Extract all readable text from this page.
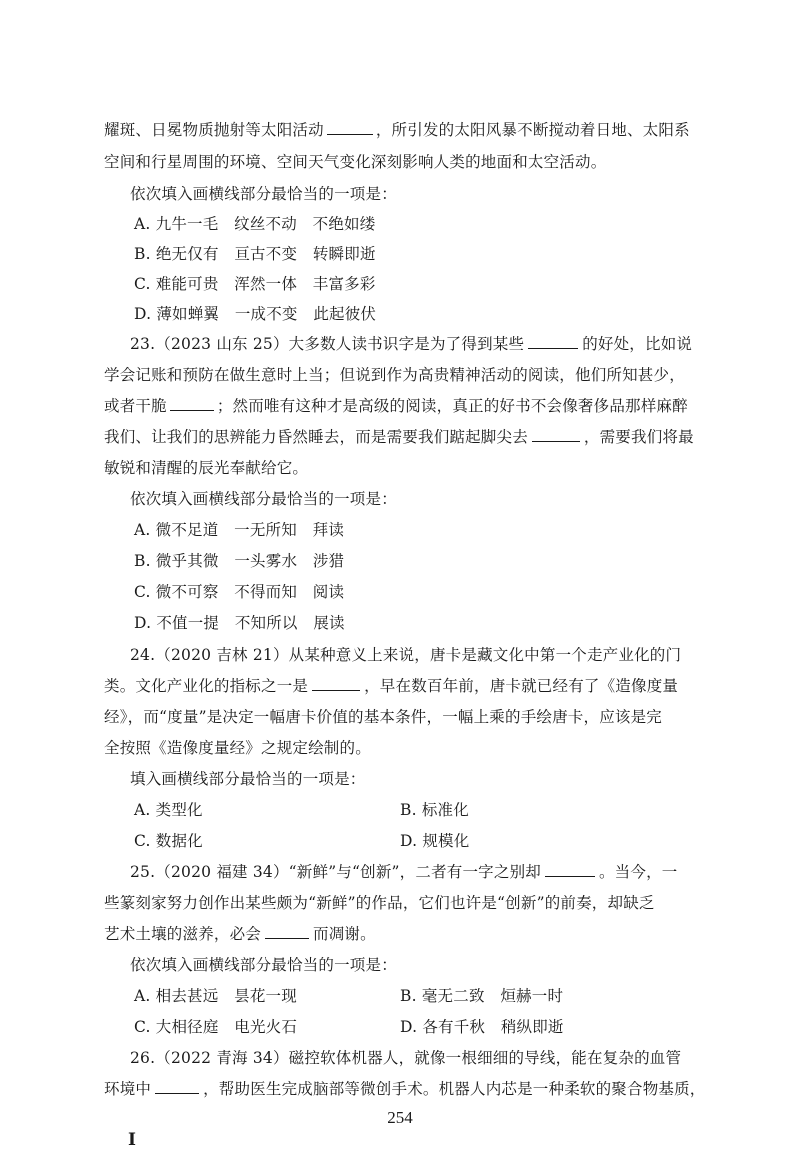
耀斑、日冕物质抛射等太阳活动	，所引发的太阳风暴不断搅动着日地、太阳系
空间和行星周围的环境、空间天气变化深刻影响人类的地面和太空活动。
依次填入画横线部分最恰当的一项是：
A. 九牛一毛　纹丝不动　不绝如缕
B. 绝无仅有　亘古不变　转瞬即逝
C. 难能可贵　浑然一体　丰富多彩
D. 薄如蝉翼　一成不变　此起彼伏
23.（2023 山东 25）大多数人读书识字是为了得到某些	的好处，比如说
学会记账和预防在做生意时上当；但说到作为高贵精神活动的阅读，他们所知甚少，
或者干脆	；然而唯有这种才是高级的阅读，真正的好书不会像奢侈品那样麻醉
我们、让我们的思辨能力昏然睡去，而是需要我们踮起脚尖去	，需要我们将最
敏锐和清醒的辰光奉献给它。
依次填入画横线部分最恰当的一项是：
A. 微不足道　一无所知　拜读
B. 微乎其微　一头雾水　涉猎
C. 微不可察　不得而知　阅读
D. 不值一提　不知所以　展读
24.（2020 吉林 21）从某种意义上来说，唐卡是藏文化中第一个走产业化的门
类。文化产业化的指标之一是	，早在数百年前，唐卡就已经有了《造像度量
经》，而“度量”是决定一幅唐卡价值的基本条件，一幅上乘的手绘唐卡，应该是完
全按照《造像度量经》之规定绘制的。
填入画横线部分最恰当的一项是：
A. 类型化	B. 标准化
C. 数据化	D. 规模化
25.（2020 福建 34）“新鲜”与“创新”，二者有一字之别却	。当今，一
些篆刻家努力创作出某些颇为“新鲜”的作品，它们也许是“创新”的前奏，却缺乏
艺术土壤的滋养，必会	而凋谢。
依次填入画横线部分最恰当的一项是：
A. 相去甚远　昙花一现	B. 毫无二致　烜赫一时
C. 大相径庭　电光火石	D. 各有千秋　稍纵即逝
26.（2022 青海 34）磁控软体机器人，就像一根细细的导线，能在复杂的血管
环境中	，帮助医生完成脑部等微创手术。机器人内芯是一种柔软的聚合物基质，
254
I
